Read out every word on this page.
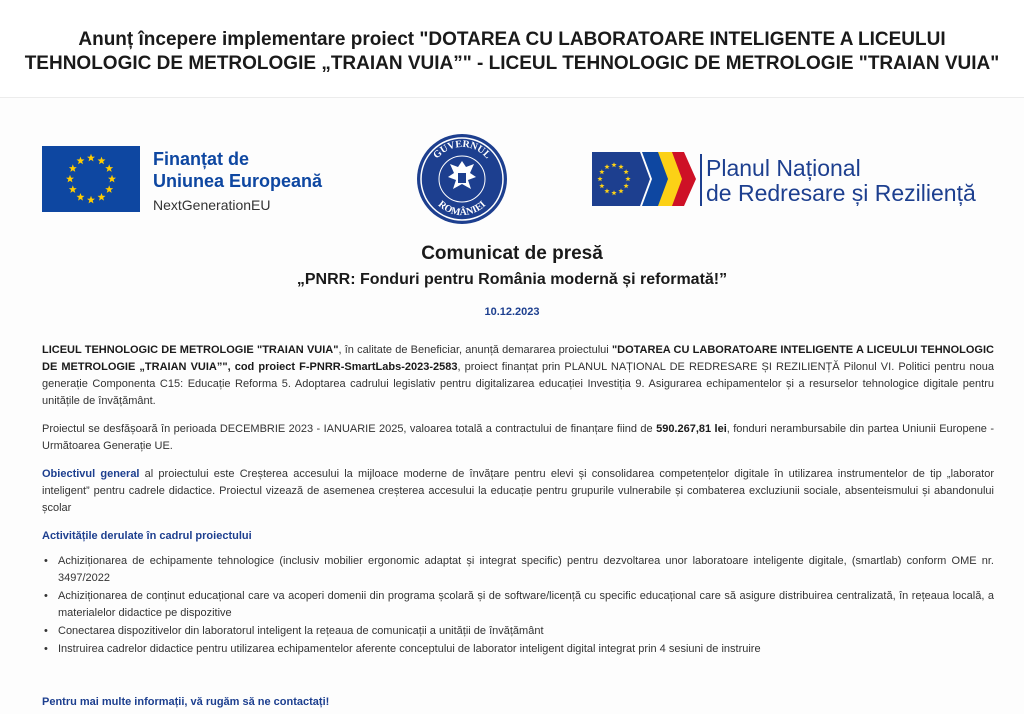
Anunț începere implementare proiect "DOTAREA CU LABORATOARE INTELIGENTE A LICEULUI TEHNOLOGIC DE METROLOGIE „TRAIAN VUIA”" - LICEUL TEHNOLOGIC DE METROLOGIE "TRAIAN VUIA"
Finanțat de
Uniunea Europeană
NextGenerationEU
GUVERNUL
ROMÂNIEI
Planul Național
de Redresare și Reziliență
Comunicat de presă
„PNRR: Fonduri pentru România modernă și reformată!”
10.12.2023

LICEUL TEHNOLOGIC DE METROLOGIE "TRAIAN VUIA", în calitate de Beneficiar, anunță demararea proiectului "DOTAREA CU LABORATOARE INTELIGENTE A LICEULUI TEHNOLOGIC DE METROLOGIE „TRAIAN VUIA”", cod proiect F-PNRR-SmartLabs-2023-2583, proiect finanțat prin PLANUL NAȚIONAL DE REDRESARE ȘI REZILIENȚĂ Pilonul VI. Politici pentru noua generație Componenta C15: Educație Reforma 5. Adoptarea cadrului legislativ pentru digitalizarea educației Investiția 9. Asigurarea echipamentelor și a resurselor tehnologice digitale pentru unitățile de învățământ.

Proiectul se desfășoară în perioada DECEMBRIE 2023 - IANUARIE 2025, valoarea totală a contractului de finanțare fiind de 590.267,81 lei, fonduri nerambursabile din partea Uniunii Europene - Următoarea Generație UE.

Obiectivul general al proiectului este Creșterea accesului la mijloace moderne de învățare pentru elevi și consolidarea competențelor digitale în utilizarea instrumentelor de tip „laborator inteligent” pentru cadrele didactice. Proiectul vizează de asemenea creșterea accesului la educație pentru grupurile vulnerabile și combaterea excluziunii sociale, absenteismului și abandonului școlar

Activitățile derulate în cadrul proiectului
• Achiziționarea de echipamente tehnologice (inclusiv mobilier ergonomic adaptat și integrat specific) pentru dezvoltarea unor laboratoare inteligente digitale, (smartlab) conform OME nr. 3497/2022
• Achiziționarea de conținut educațional care va acoperi domenii din programa școlară și de software/licență cu specific educațional care să asigure distribuirea centralizată, în rețeaua locală, a materialelor didactice pe dispozitive
• Conectarea dispozitivelor din laboratorul inteligent la rețeaua de comunicații a unității de învățământ
• Instruirea cadrelor didactice pentru utilizarea echipamentelor aferente conceptului de laborator inteligent digital integrat prin 4 sesiuni de instruire
Pentru mai multe informații, vă rugăm să ne contactați!
